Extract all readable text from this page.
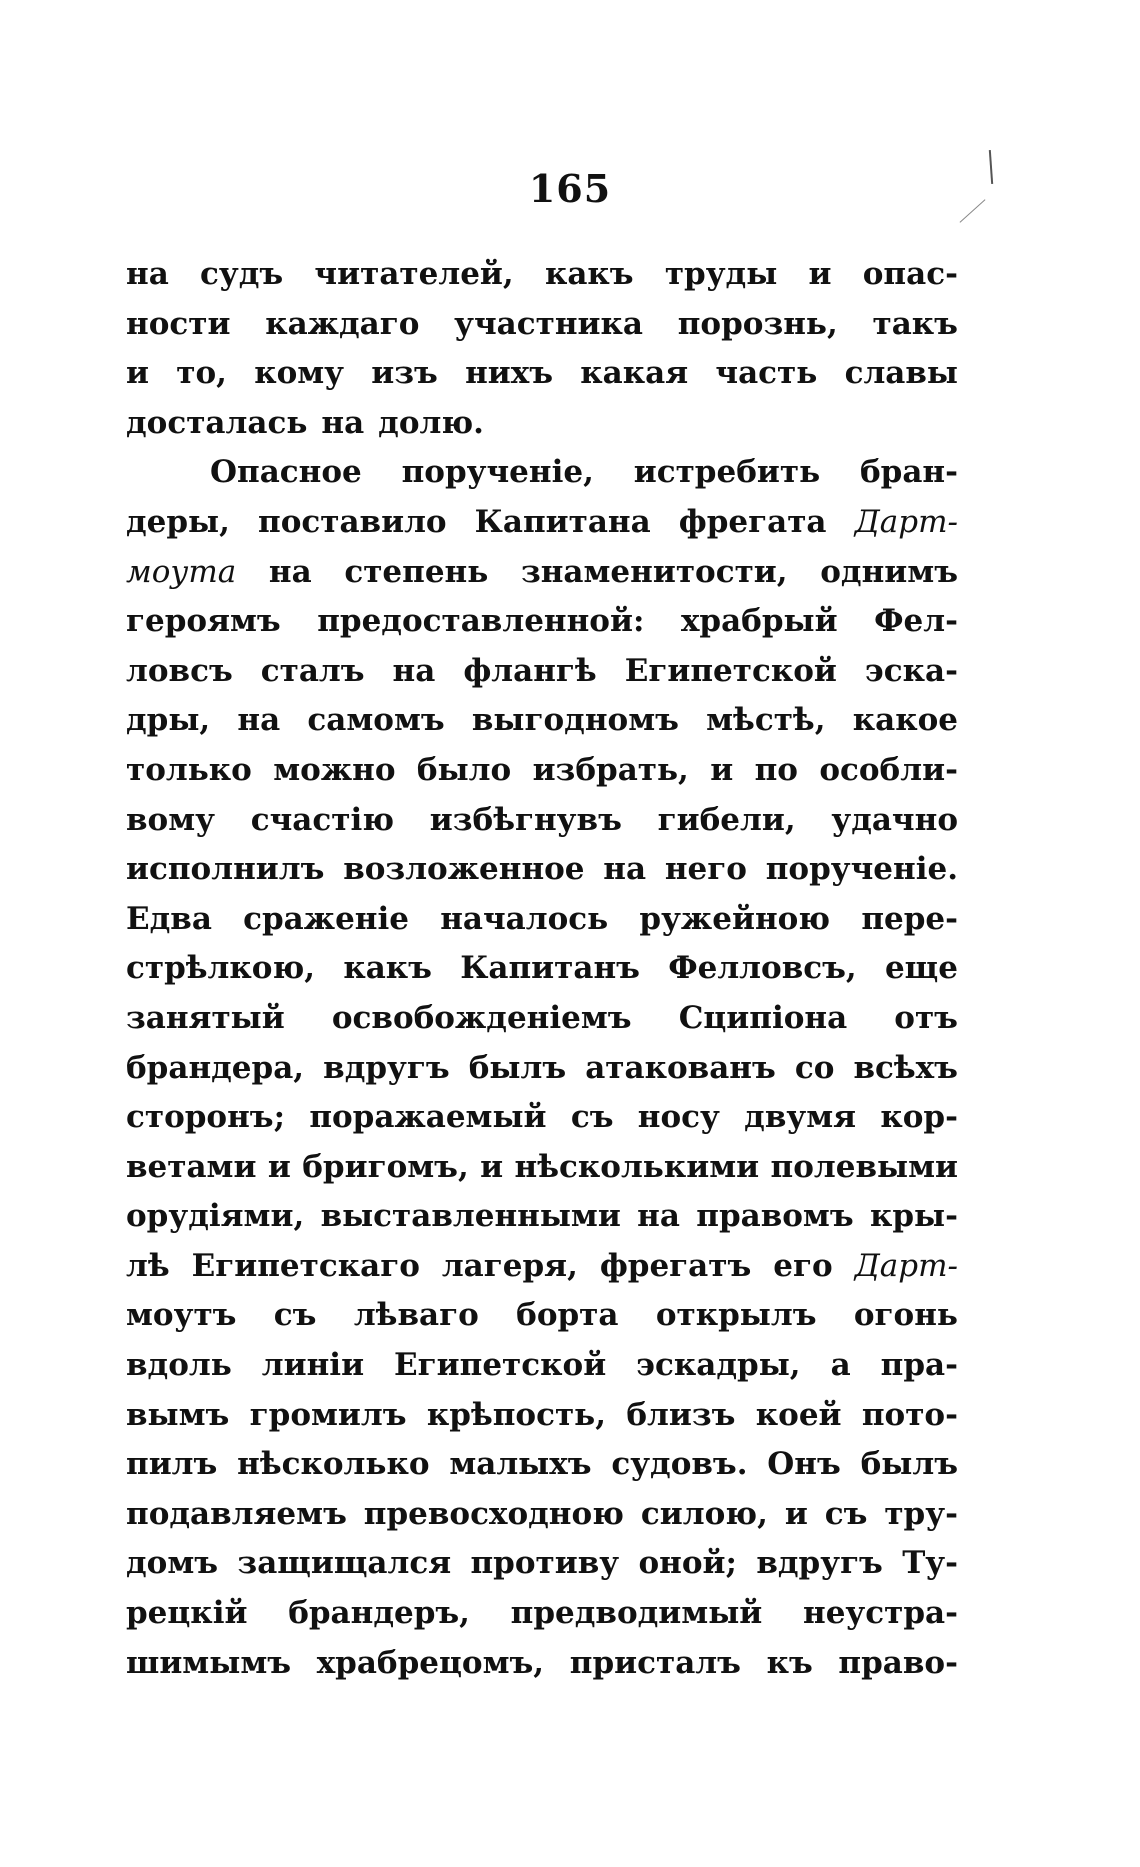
165
на судъ читателей, какъ труды и опас-
ности каждаго участника порознь, такъ
и то, кому изъ нихъ какая часть славы
досталась на долю.
Опасное порученіе, истребить бран-
деры, поставило Капитана фрегата Дарт-
моута на степень знаменитости, однимъ
героямъ предоставленной: храбрый Фел-
ловсъ сталъ на флангѣ Египетской эска-
дры, на самомъ выгодномъ мѣстѣ, какое
только можно было избрать, и по особли-
вому счастію избѣгнувъ гибели, удачно
исполнилъ возложенное на него порученіе.
Едва сраженіе началось ружейною пере-
стрѣлкою, какъ Капитанъ Фелловсъ, еще
занятый освобожденіемъ Сципіона отъ
брандера, вдругъ былъ атакованъ со всѣхъ
сторонъ; поражаемый съ носу двумя кор-
ветами и бригомъ, и нѣсколькими полевыми
орудіями, выставленными на правомъ кры-
лѣ Египетскаго лагеря, фрегатъ его Дарт-
моутъ съ лѣваго борта открылъ огонь
вдоль линіи Египетской эскадры, а пра-
вымъ громилъ крѣпость, близъ коей пото-
пилъ нѣсколько малыхъ судовъ. Онъ былъ
подавляемъ превосходною силою, и съ тру-
домъ защищался противу оной; вдругъ Ту-
рецкій брандеръ, предводимый неустра-
шимымъ храбрецомъ, присталъ къ право-
